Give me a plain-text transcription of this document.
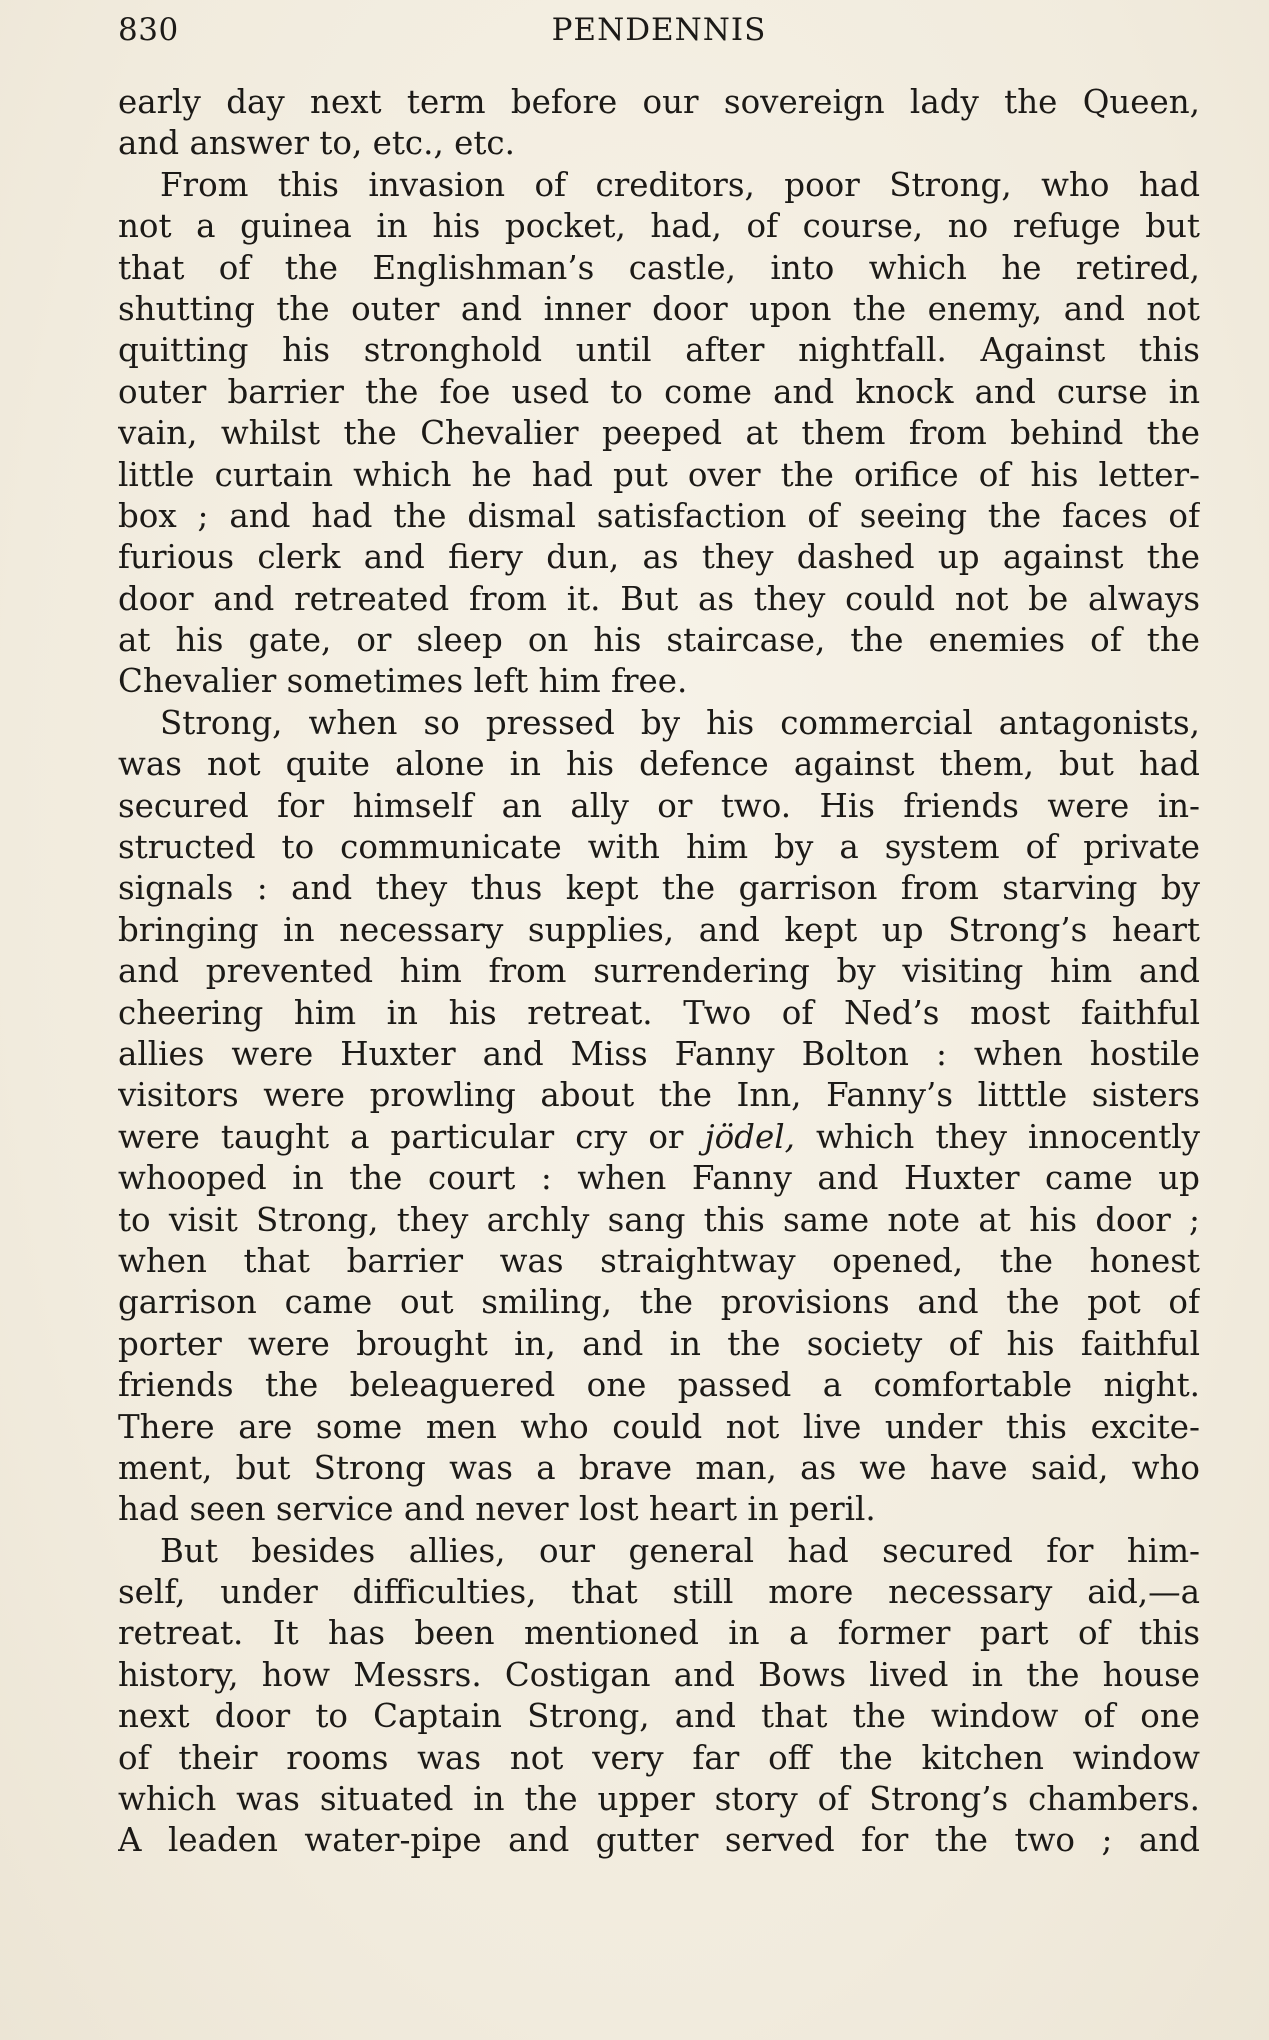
830	PENDENNIS
early day next term before our sovereign lady the Queen,
and answer to, etc., etc.
From this invasion of creditors, poor Strong, who had
not a guinea in his pocket, had, of course, no refuge but
that of the Englishman’s castle, into which he retired,
shutting the outer and inner door upon the enemy, and not
quitting his stronghold until after nightfall. Against this
outer barrier the foe used to come and knock and curse in
vain, whilst the Chevalier peeped at them from behind the
little curtain which he had put over the orifice of his letter-
box ; and had the dismal satisfaction of seeing the faces of
furious clerk and fiery dun, as they dashed up against the
door and retreated from it. But as they could not be always
at his gate, or sleep on his staircase, the enemies of the
Chevalier sometimes left him free.
Strong, when so pressed by his commercial antagonists,
was not quite alone in his defence against them, but had
secured for himself an ally or two. His friends were in-
structed to communicate with him by a system of private
signals : and they thus kept the garrison from starving by
bringing in necessary supplies, and kept up Strong’s heart
and prevented him from surrendering by visiting him and
cheering him in his retreat. Two of Ned’s most faithful
allies were Huxter and Miss Fanny Bolton : when hostile
visitors were prowling about the Inn, Fanny’s litttle sisters
were taught a particular cry or jödel, which they innocently
whooped in the court : when Fanny and Huxter came up
to visit Strong, they archly sang this same note at his door ;
when that barrier was straightway opened, the honest
garrison came out smiling, the provisions and the pot of
porter were brought in, and in the society of his faithful
friends the beleaguered one passed a comfortable night.
There are some men who could not live under this excite-
ment, but Strong was a brave man, as we have said, who
had seen service and never lost heart in peril.
But besides allies, our general had secured for him-
self, under difficulties, that still more necessary aid,—a
retreat. It has been mentioned in a former part of this
history, how Messrs. Costigan and Bows lived in the house
next door to Captain Strong, and that the window of one
of their rooms was not very far off the kitchen window
which was situated in the upper story of Strong’s chambers.
A leaden water-pipe and gutter served for the two ; and
